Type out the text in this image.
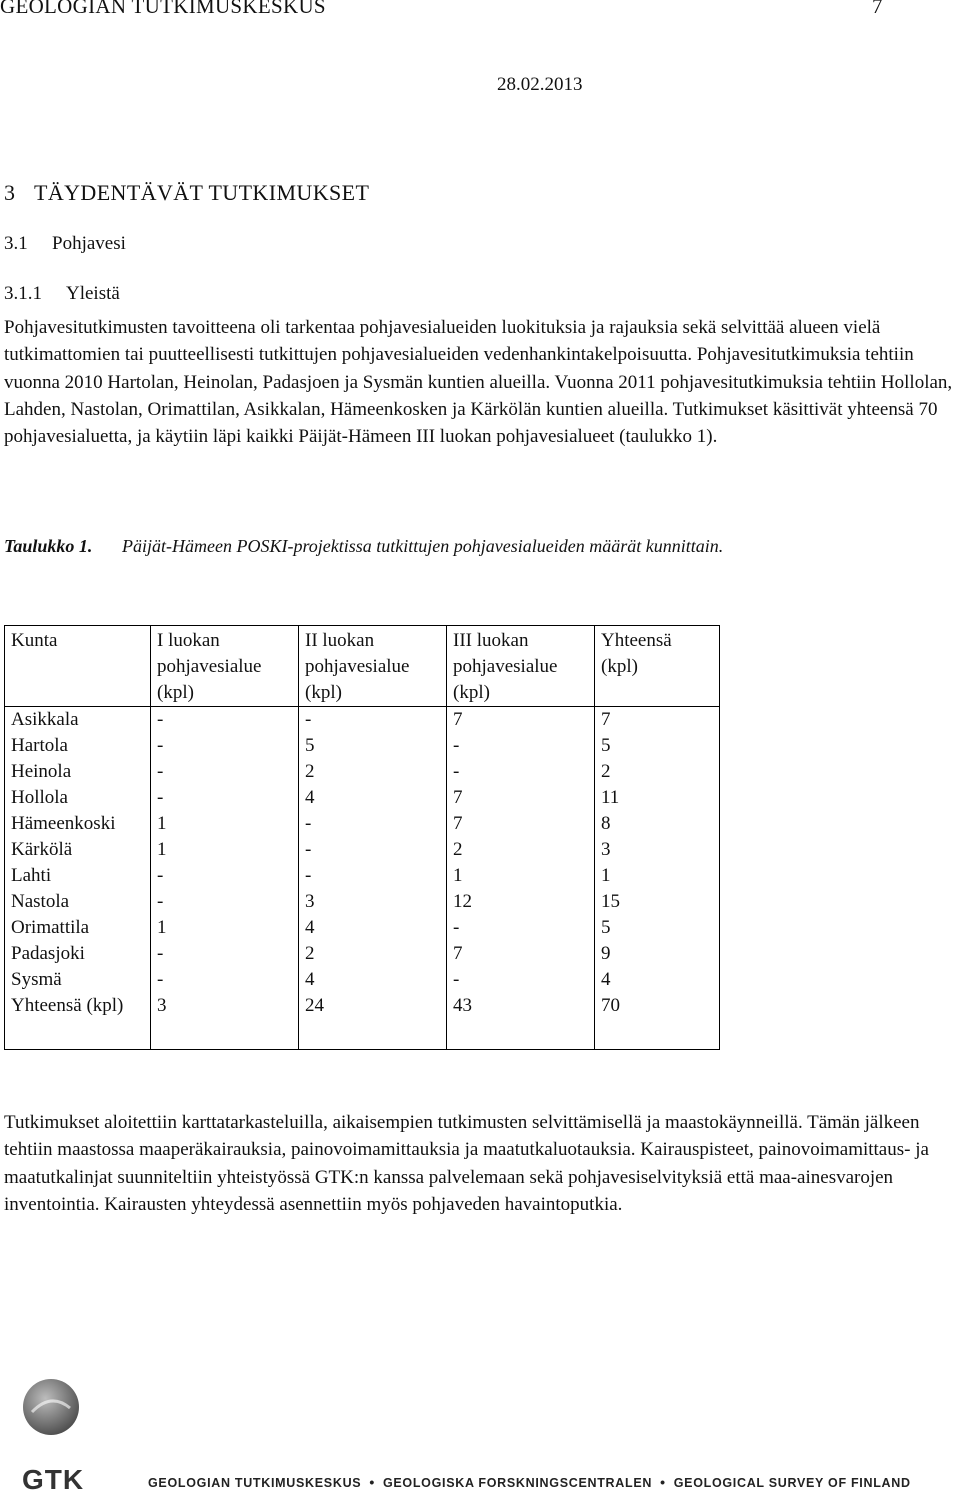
GEOLOGIAN TUTKIMUSKESKUS	7
28.02.2013
3 TÄYDENTÄVÄT TUTKIMUKSET
3.1 Pohjavesi
3.1.1 Yleistä

Pohjavesitutkimusten tavoitteena oli tarkentaa pohjavesialueiden luokituksia ja rajauksia sekä selvittää alueen vielä tutkimattomien tai puutteellisesti tutkittujen pohjavesialueiden vedenhankintakelpoisuutta. Pohjavesitutkimuksia tehtiin vuonna 2010 Hartolan, Heinolan, Padasjoen ja Sysmän kuntien alueilla. Vuonna 2011 pohjavesitutkimuksia tehtiin Hollolan, Lahden, Nastolan, Orimattilan, Asikkalan, Hämeenkosken ja Kärkölän kuntien alueilla. Tutkimukset käsittivät yhteensä 70 pohjavesialuetta, ja käytiin läpi kaikki Päijät-Hämeen III luokan pohjavesialueet (taulukko 1).

Taulukko 1. Päijät-Hämeen POSKI-projektissa tutkittujen pohjavesialueiden määrät kunnittain.
Kunta	I luokan pohjavesialue (kpl)	II luokan pohjavesialue (kpl)	III luokan pohjavesialue (kpl)	Yhteensä (kpl)
Asikkala	-	-	7	7
Hartola	-	5	-	5
Heinola	-	2	-	2
Hollola	-	4	7	11
Hämeenkoski	1	-	7	8
Kärkölä	1	-	2	3
Lahti	-	-	1	1
Nastola	-	3	12	15
Orimattila	1	4	-	5
Padasjoki	-	2	7	9
Sysmä	-	4	-	4
Yhteensä (kpl)	3	24	43	70

Tutkimukset aloitettiin karttatarkasteluilla, aikaisempien tutkimusten selvittämisellä ja maastokäynneillä. Tämän jälkeen tehtiin maastossa maaperäkairauksia, painovoimamittauksia ja maatutkaluotauksia. Kairauspisteet, painovoimamittaus- ja maatutkalinjat suunniteltiin yhteistyössä GTK:n kanssa palvelemaan sekä pohjavesiselvityksiä että maa-ainesvarojen inventointia. Kairausten yhteydessä asennettiin myös pohjaveden havaintoputkia.

GTK	GEOLOGIAN TUTKIMUSKESKUS • GEOLOGISKA FORSKNINGSCENTRALEN • GEOLOGICAL SURVEY OF FINLAND
